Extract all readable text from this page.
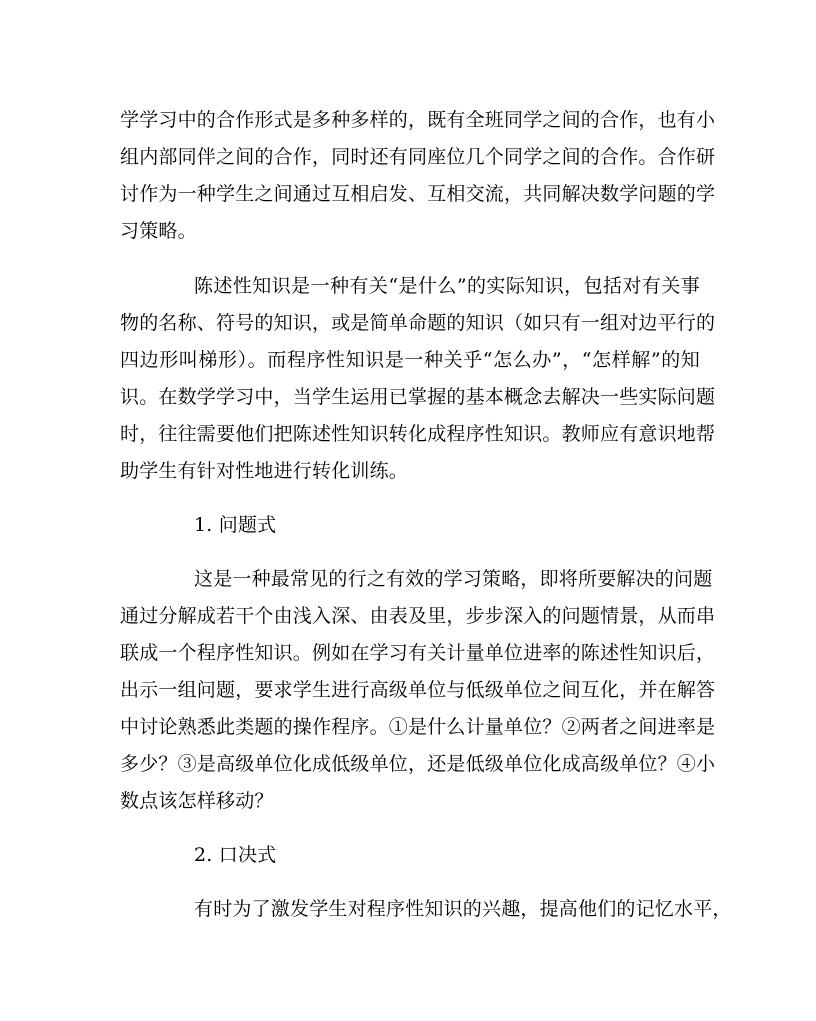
学学习中的合作形式是多种多样的，既有全班同学之间的合作，也有小
组内部同伴之间的合作，同时还有同座位几个同学之间的合作。合作研
讨作为一种学生之间通过互相启发、互相交流，共同解决数学问题的学
习策略。
陈述性知识是一种有关“是什么”的实际知识，包括对有关事
物的名称、符号的知识，或是简单命题的知识（如只有一组对边平行的
四边形叫梯形）。而程序性知识是一种关乎“怎么办”，“怎样解”的知
识。在数学学习中，当学生运用已掌握的基本概念去解决一些实际问题
时，往往需要他们把陈述性知识转化成程序性知识。教师应有意识地帮
助学生有针对性地进行转化训练。
1. 问题式
这是一种最常见的行之有效的学习策略，即将所要解决的问题
通过分解成若干个由浅入深、由表及里，步步深入的问题情景，从而串
联成一个程序性知识。例如在学习有关计量单位进率的陈述性知识后，
出示一组问题，要求学生进行高级单位与低级单位之间互化，并在解答
中讨论熟悉此类题的操作程序。①是什么计量单位？②两者之间进率是
多少？③是高级单位化成低级单位，还是低级单位化成高级单位？④小
数点该怎样移动？
2. 口决式
有时为了激发学生对程序性知识的兴趣，提高他们的记忆水平，
